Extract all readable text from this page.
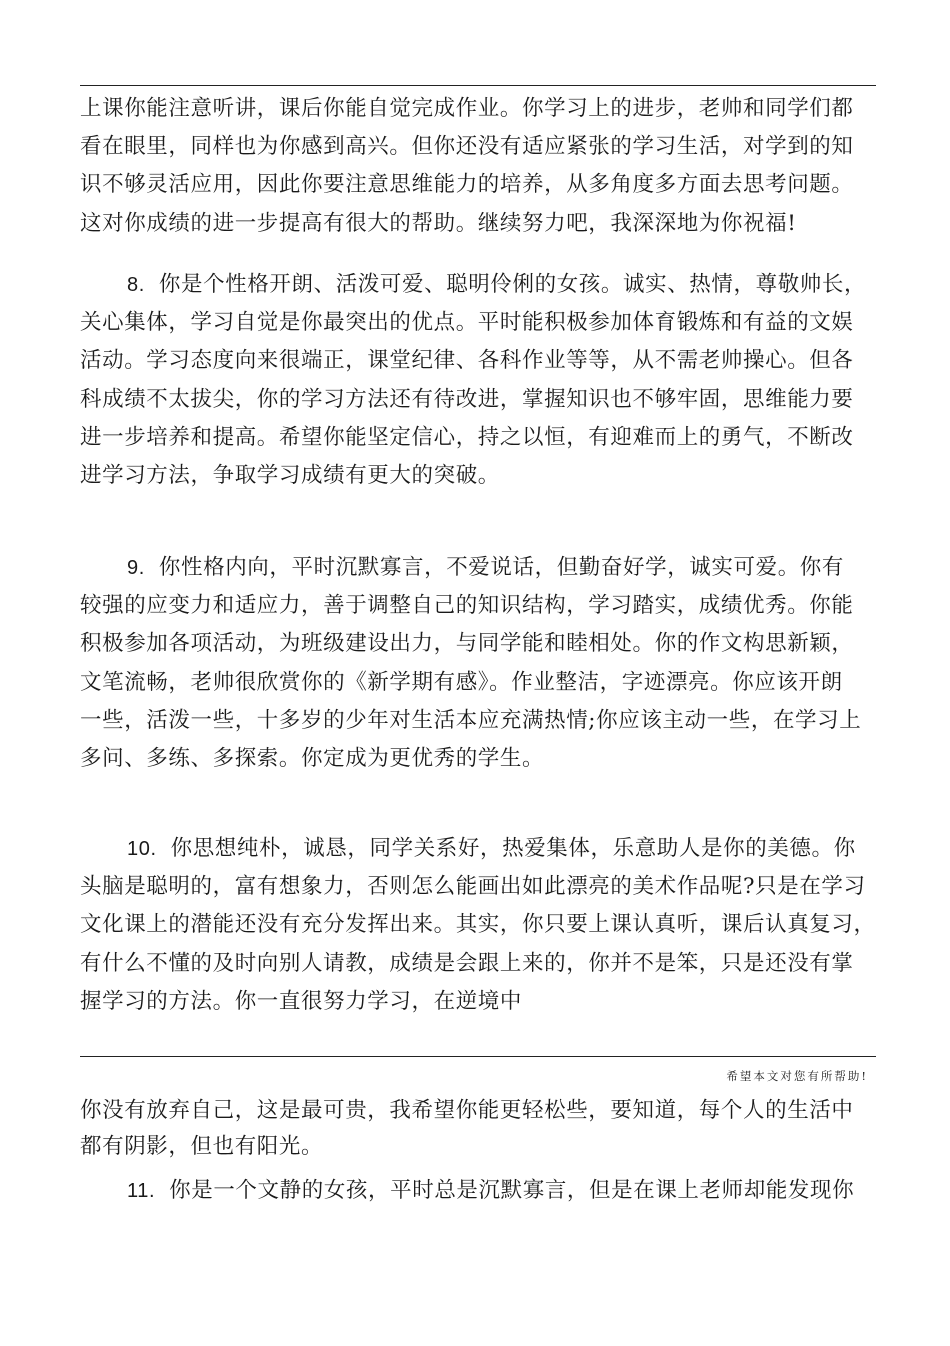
上课你能注意听讲，课后你能自觉完成作业。你学习上的进步，老帅和同学们都
看在眼里，同样也为你感到高兴。但你还没有适应紧张的学习生活，对学到的知
识不够灵活应用，因此你要注意思维能力的培养，从多角度多方面去思考问题。
这对你成绩的进一步提高有很大的帮助。继续努力吧，我深深地为你祝福!
8. 你是个性格开朗、活泼可爱、聪明伶俐的女孩。诚实、热情，尊敬帅长，
关心集体，学习自觉是你最突出的优点。平时能积极参加体育锻炼和有益的文娱
活动。学习态度向来很端正，课堂纪律、各科作业等等，从不需老帅操心。但各
科成绩不太拔尖，你的学习方法还有待改进，掌握知识也不够牢固，思维能力要
进一步培养和提高。希望你能坚定信心，持之以恒，有迎难而上的勇气，不断改
进学习方法，争取学习成绩有更大的突破。
9. 你性格内向，平时沉默寡言，不爱说话，但勤奋好学，诚实可爱。你有
较强的应变力和适应力，善于调整自己的知识结构，学习踏实，成绩优秀。你能
积极参加各项活动，为班级建设出力，与同学能和睦相处。你的作文构思新颖，
文笔流畅，老帅很欣赏你的《新学期有感》。作业整洁，字迹漂亮。你应该开朗
一些，活泼一些，十多岁的少年对生活本应充满热情;你应该主动一些，在学习上
多问、多练、多探索。你定成为更优秀的学生。
10. 你思想纯朴，诚恳，同学关系好，热爱集体，乐意助人是你的美德。你
头脑是聪明的，富有想象力，否则怎么能画出如此漂亮的美术作品呢?只是在学习
文化课上的潜能还没有充分发挥出来。其实，你只要上课认真听，课后认真复习，
有什么不懂的及时向别人请教，成绩是会跟上来的，你并不是笨，只是还没有掌
握学习的方法。你一直很努力学习，在逆境中
希望本文对您有所帮助!
你没有放弃自己，这是最可贵，我希望你能更轻松些，要知道，每个人的生活中
都有阴影，但也有阳光。
11. 你是一个文静的女孩，平时总是沉默寡言，但是在课上老师却能发现你
